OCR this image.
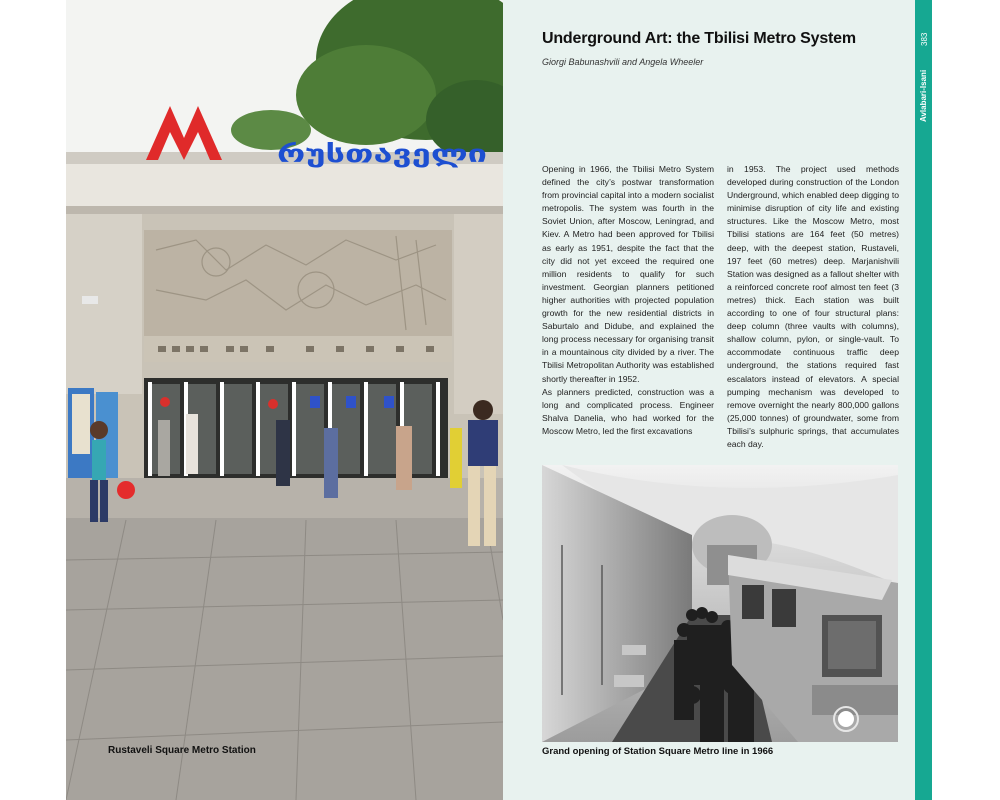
რუსთაველი
Rustaveli Square Metro Station
383
Avlabari-Isani
Underground Art: the Tbilisi Metro System
Giorgi Babunashvili and Angela Wheeler

Opening in 1966, the Tbilisi Metro System defined the city’s postwar transformation from provincial capital into a modern socialist metropolis. The system was fourth in the Soviet Union, after Moscow, Leningrad, and Kiev. A Metro had been approved for Tbilisi as early as 1951, despite the fact that the city did not yet exceed the required one million residents to qualify for such investment. Georgian planners petitioned higher authorities with projected population growth for the new residential districts in Saburtalo and Didube, and explained the long process necessary for organising transit in a mountainous city divided by a river. The Tbilisi Metropolitan Authority was established shortly thereafter in 1952.

As planners predicted, construction was a long and complicated process. Engineer Shalva Danelia, who had worked for the Moscow Metro, led the first excavations

in 1953. The project used methods developed during construction of the London Underground, which enabled deep digging to minimise disruption of city life and existing structures. Like the Moscow Metro, most Tbilisi stations are 164 feet (50 metres) deep, with the deepest station, Rustaveli, 197 feet (60 metres) deep. Marjanishvili Station was designed as a fallout shelter with a reinforced concrete roof almost ten feet (3 metres) thick. Each station was built according to one of four structural plans: deep column (three vaults with columns), shallow column, pylon, or single-vault. To accommodate continuous traffic deep underground, the stations required fast escalators instead of elevators. A special pumping mechanism was developed to remove overnight the nearly 800,000 gallons (25,000 tonnes) of groundwater, some from Tbilisi’s sulphuric springs, that accumulates each day.

Grand opening of Station Square Metro line in 1966
